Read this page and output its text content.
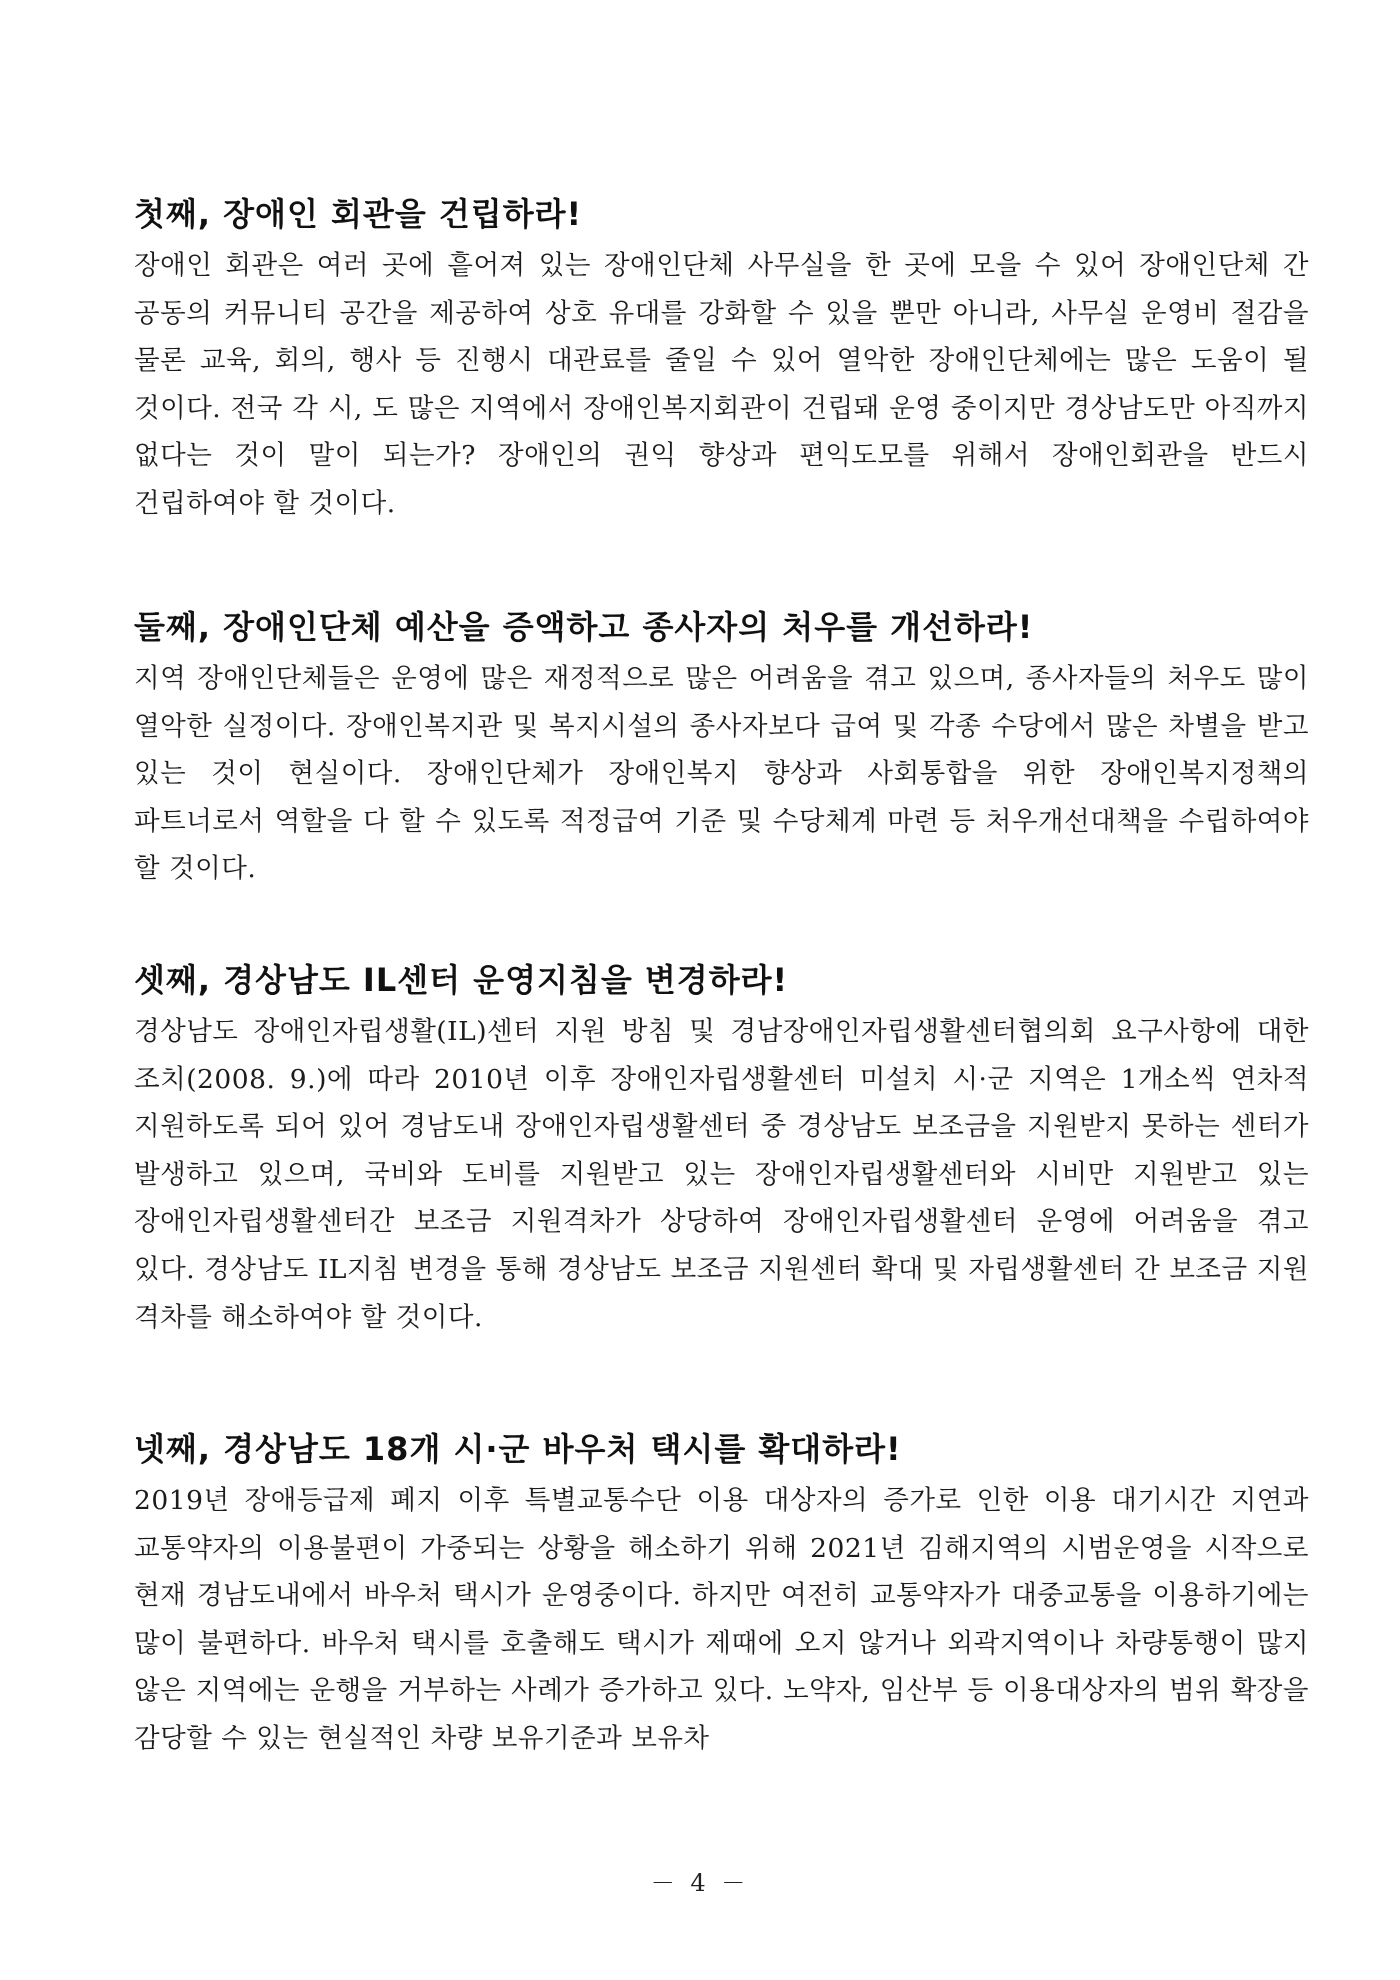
첫째, 장애인 회관을 건립하라!

장애인 회관은 여러 곳에 흩어져 있는 장애인단체 사무실을 한 곳에 모을 수 있어 장애인단체 간 공동의 커뮤니티 공간을 제공하여 상호 유대를 강화할 수 있을 뿐만 아니라, 사무실 운영비 절감을 물론 교육, 회의, 행사 등 진행시 대관료를 줄일 수 있어 열악한 장애인단체에는 많은 도움이 될 것이다. 전국 각 시, 도 많은 지역에서 장애인복지회관이 건립돼 운영 중이지만 경상남도만 아직까지 없다는 것이 말이 되는가? 장애인의 권익 향상과 편익도모를 위해서 장애인회관을 반드시 건립하여야 할 것이다.

둘째, 장애인단체 예산을 증액하고 종사자의 처우를 개선하라!

지역 장애인단체들은 운영에 많은 재정적으로 많은 어려움을 겪고 있으며, 종사자들의 처우도 많이 열악한 실정이다. 장애인복지관 및 복지시설의 종사자보다 급여 및 각종 수당에서 많은 차별을 받고 있는 것이 현실이다. 장애인단체가 장애인복지 향상과 사회통합을 위한 장애인복지정책의 파트너로서 역할을 다 할 수 있도록 적정급여 기준 및 수당체계 마련 등 처우개선대책을 수립하여야 할 것이다.

셋째, 경상남도 IL센터 운영지침을 변경하라!

경상남도 장애인자립생활(IL)센터 지원 방침 및 경남장애인자립생활센터협의회 요구사항에 대한 조치(2008. 9.)에 따라 2010년 이후 장애인자립생활센터 미설치 시·군 지역은 1개소씩 연차적 지원하도록 되어 있어 경남도내 장애인자립생활센터 중 경상남도 보조금을 지원받지 못하는 센터가 발생하고 있으며, 국비와 도비를 지원받고 있는 장애인자립생활센터와 시비만 지원받고 있는 장애인자립생활센터간 보조금 지원격차가 상당하여 장애인자립생활센터 운영에 어려움을 겪고 있다. 경상남도 IL지침 변경을 통해 경상남도 보조금 지원센터 확대 및 자립생활센터 간 보조금 지원 격차를 해소하여야 할 것이다.

넷째, 경상남도 18개 시·군 바우처 택시를 확대하라!

2019년 장애등급제 폐지 이후 특별교통수단 이용 대상자의 증가로 인한 이용 대기시간 지연과 교통약자의 이용불편이 가중되는 상황을 해소하기 위해 2021년 김해지역의 시범운영을 시작으로 현재 경남도내에서 바우처 택시가 운영중이다. 하지만 여전히 교통약자가 대중교통을 이용하기에는 많이 불편하다. 바우처 택시를 호출해도 택시가 제때에 오지 않거나 외곽지역이나 차량통행이 많지 않은 지역에는 운행을 거부하는 사례가 증가하고 있다. 노약자, 임산부 등 이용대상자의 범위 확장을 감당할 수 있는 현실적인 차량 보유기준과 보유차

－ 4 －
